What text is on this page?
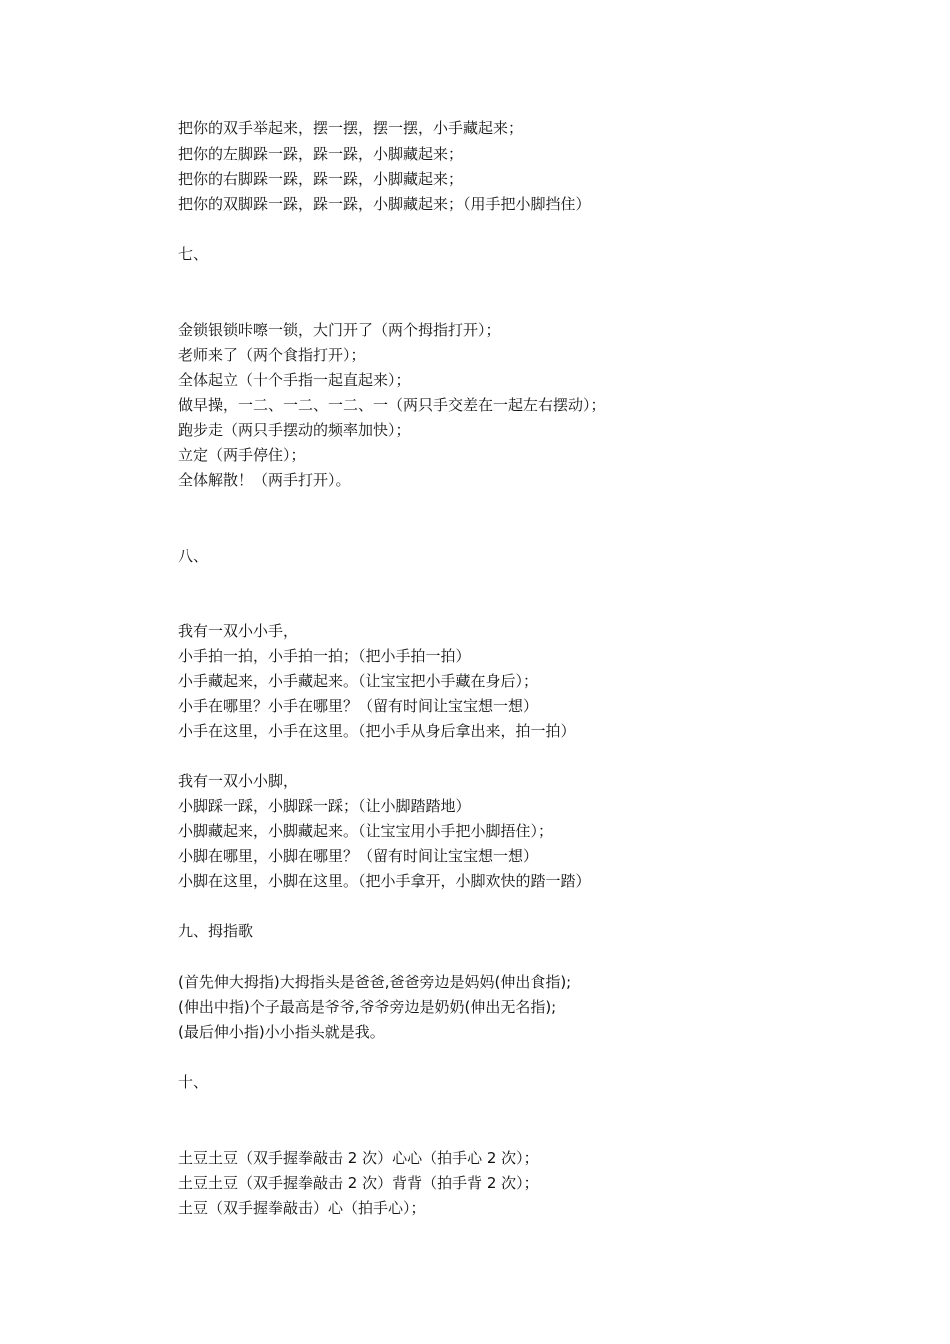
把你的双手举起来，摆一摆，摆一摆，小手藏起来；
把你的左脚跺一跺，跺一跺，小脚藏起来；
把你的右脚跺一跺，跺一跺，小脚藏起来；
把你的双脚跺一跺，跺一跺，小脚藏起来；（用手把小脚挡住）
七、
金锁银锁咔嚓一锁，大门开了（两个拇指打开）；
老师来了（两个食指打开）；
全体起立（十个手指一起直起来）；
做早操，一二、一二、一二、一（两只手交差在一起左右摆动）；
跑步走（两只手摆动的频率加快）；
立定（两手停住）；
全体解散！（两手打开）。
八、
我有一双小小手，
小手拍一拍，小手拍一拍；（把小手拍一拍）
小手藏起来，小手藏起来。（让宝宝把小手藏在身后）；
小手在哪里？小手在哪里？（留有时间让宝宝想一想）
小手在这里，小手在这里。（把小手从身后拿出来，拍一拍）
我有一双小小脚，
小脚踩一踩，小脚踩一踩；（让小脚踏踏地）
小脚藏起来，小脚藏起来。（让宝宝用小手把小脚捂住）；
小脚在哪里，小脚在哪里？（留有时间让宝宝想一想）
小脚在这里，小脚在这里。（把小手拿开，小脚欢快的踏一踏）
九、拇指歌
(首先伸大拇指)大拇指头是爸爸,爸爸旁边是妈妈(伸出食指);
(伸出中指)个子最高是爷爷,爷爷旁边是奶奶(伸出无名指);
(最后伸小指)小小指头就是我。
十、
土豆土豆（双手握拳敲击 2 次）心心（拍手心 2 次）；
土豆土豆（双手握拳敲击 2 次）背背（拍手背 2 次）；
土豆（双手握拳敲击）心（拍手心）；
